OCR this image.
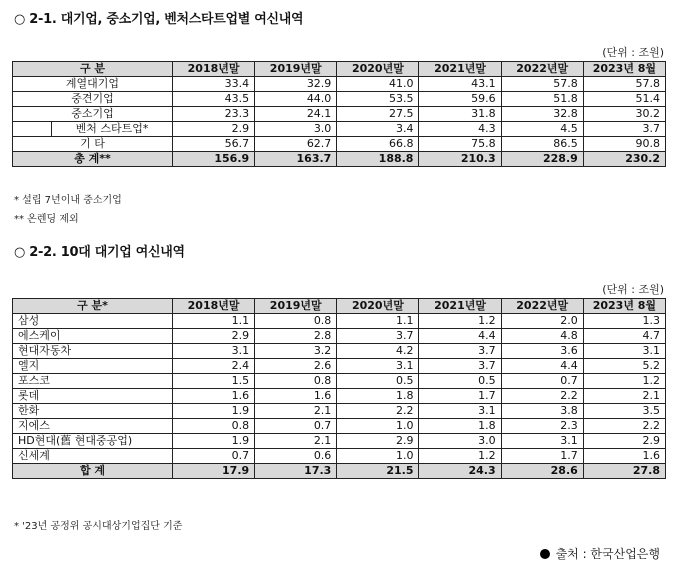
○ 2-1. 대기업, 중소기업, 벤처스타트업별 여신내역
(단위 : 조원)
구 분	2018년말	2019년말	2020년말	2021년말	2022년말	2023년 8월
계열대기업	33.4	32.9	41.0	43.1	57.8	57.8
중견기업	43.5	44.0	53.5	59.6	51.8	51.4
중소기업	23.3	24.1	27.5	31.8	32.8	30.2

벤처 스타트업*	2.9	3.0	3.4	4.3	4.5	3.7
기 타	56.7	62.7	66.8	75.8	86.5	90.8
총 계**	156.9	163.7	188.8	210.3	228.9	230.2
* 설립 7년이내 중소기업
** 온렌딩 제외
○ 2-2. 10대 대기업 여신내역
(단위 : 조원)
구 분*	2018년말	2019년말	2020년말	2021년말	2022년말	2023년 8월
삼성	1.1	0.8	1.1	1.2	2.0	1.3
에스케이	2.9	2.8	3.7	4.4	4.8	4.7
현대자동차	3.1	3.2	4.2	3.7	3.6	3.1
엘지	2.4	2.6	3.1	3.7	4.4	5.2
포스코	1.5	0.8	0.5	0.5	0.7	1.2
롯데	1.6	1.6	1.8	1.7	2.2	2.1
한화	1.9	2.1	2.2	3.1	3.8	3.5
지에스	0.8	0.7	1.0	1.8	2.3	2.2
HD현대(舊 현대중공업)	1.9	2.1	2.9	3.0	3.1	2.9
신세계	0.7	0.6	1.0	1.2	1.7	1.6
합 계	17.9	17.3	21.5	24.3	28.6	27.8
* '23년 공정위 공시대상기업집단 기준
출처 : 한국산업은행
